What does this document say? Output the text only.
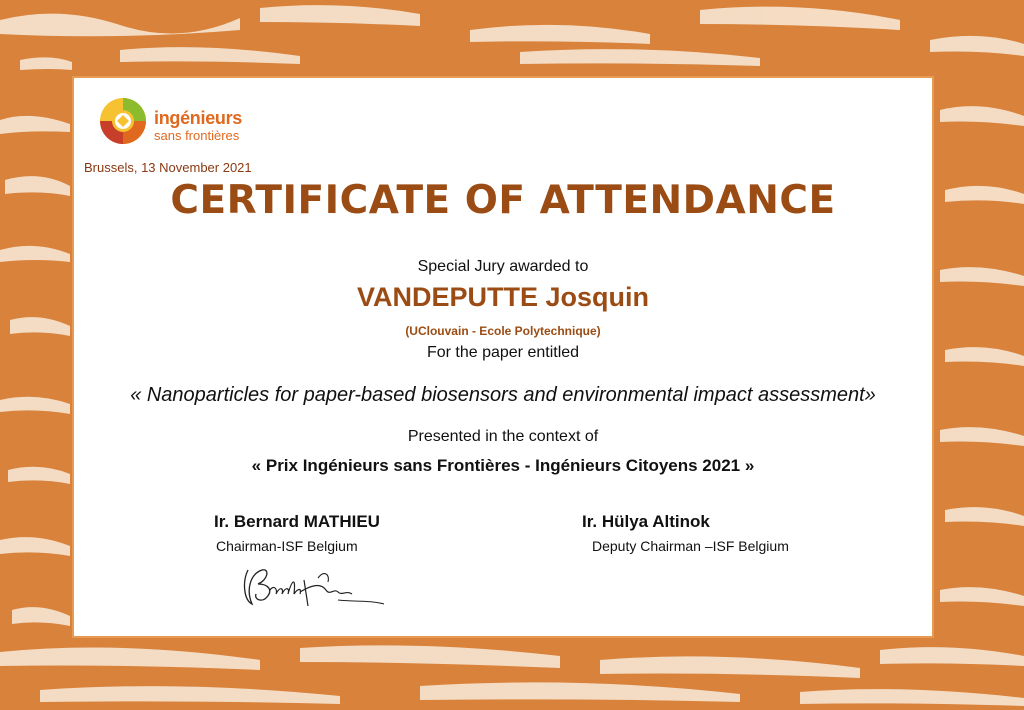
ingénieurs
sans frontières
Brussels, 13 November 2021
CERTIFICATE OF ATTENDANCE
Special Jury awarded to
VANDEPUTTE Josquin
(UClouvain - Ecole Polytechnique)
For the paper entitled
« Nanoparticles for paper-based biosensors and environmental impact assessment»
Presented in the context of
« Prix Ingénieurs sans Frontières - Ingénieurs Citoyens 2021 »
Ir. Bernard MATHIEU
Chairman-ISF Belgium
Ir. Hülya Altinok
Deputy Chairman –ISF Belgium
